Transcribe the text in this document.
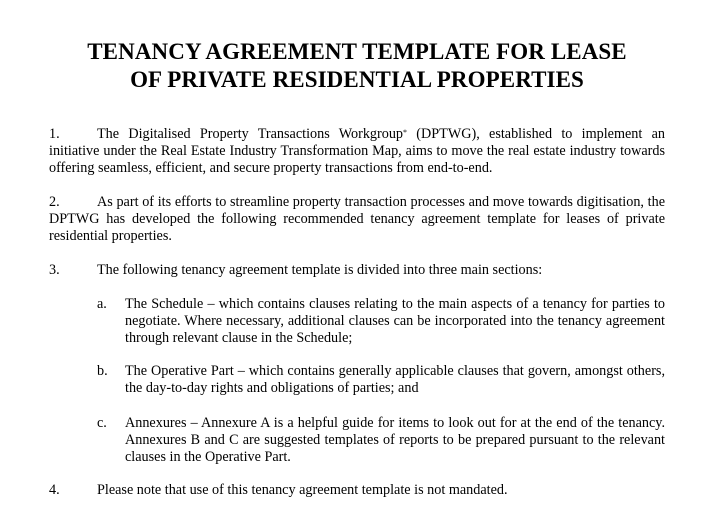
TENANCY AGREEMENT TEMPLATE FOR LEASE
OF PRIVATE RESIDENTIAL PROPERTIES
1.	The Digitalised Property Transactions Workgroup* (DPTWG), established to implement an initiative under the Real Estate Industry Transformation Map, aims to move the real estate industry towards offering seamless, efficient, and secure property transactions from end-to-end.
2.	As part of its efforts to streamline property transaction processes and move towards digitisation, the DPTWG has developed the following recommended tenancy agreement template for leases of private residential properties.
3.	The following tenancy agreement template is divided into three main sections:
a.	The Schedule – which contains clauses relating to the main aspects of a tenancy for parties to negotiate. Where necessary, additional clauses can be incorporated into the tenancy agreement through relevant clause in the Schedule;
b.	The Operative Part – which contains generally applicable clauses that govern, amongst others, the day-to-day rights and obligations of parties; and
c.	Annexures – Annexure A is a helpful guide for items to look out for at the end of the tenancy. Annexures B and C are suggested templates of reports to be prepared pursuant to the relevant clauses in the Operative Part.
4.	Please note that use of this tenancy agreement template is not mandated.
